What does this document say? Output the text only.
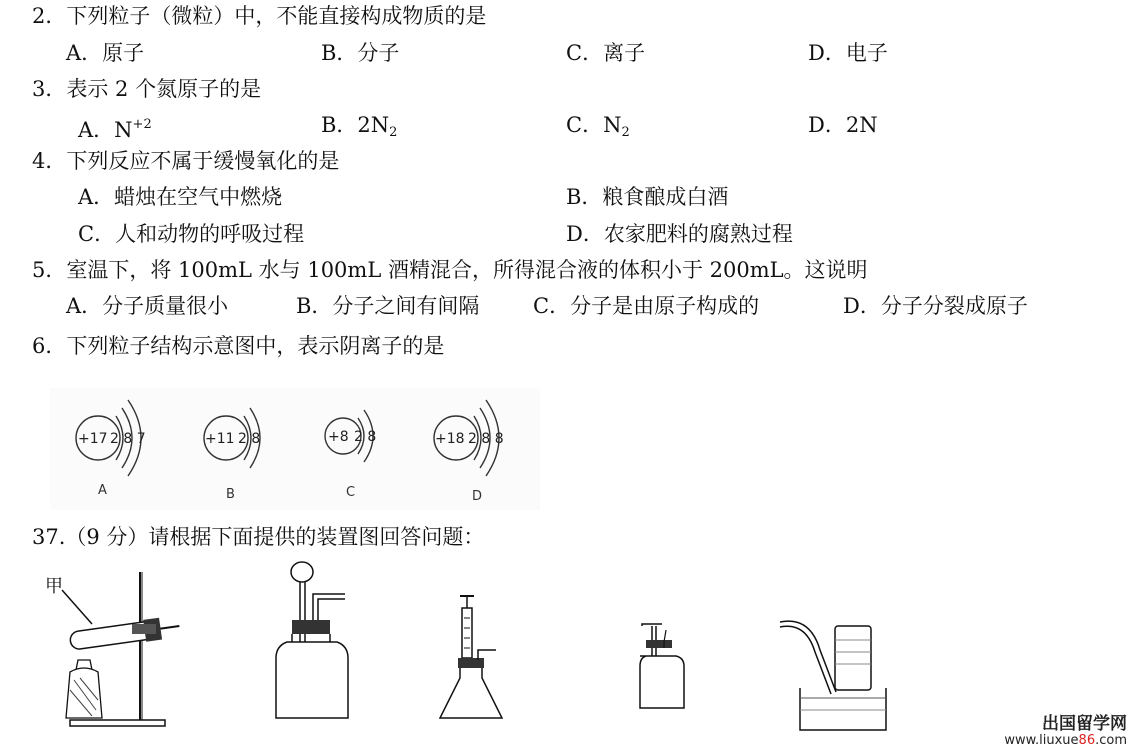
2．下列粒子（微粒）中，不能直接构成物质的是
A．原子	B．分子	C．离子	D．电子
3．表示 2 个氮原子的是
A．$N^{+2}$	B．$2N_2$	C．$N_2$	D．2N
4．下列反应不属于缓慢氧化的是
A．蜡烛在空气中燃烧	B．粮食酿成白酒
C．人和动物的呼吸过程	D．农家肥料的腐熟过程
5．室温下，将 100mL 水与 100mL 酒精混合，所得混合液的体积小于 200mL。这说明
A．分子质量很小	B．分子之间有间隔	C．分子是由原子构成的	D．分子分裂成原子
6．下列粒子结构示意图中，表示阴离子的是
+17 2 8 7
A
+11 2 8
B
+8 2 8
C
+18 2 8 8
D
37.（9 分）请根据下面提供的装置图回答问题：
甲
出国留学网
www.liuxue86.com
